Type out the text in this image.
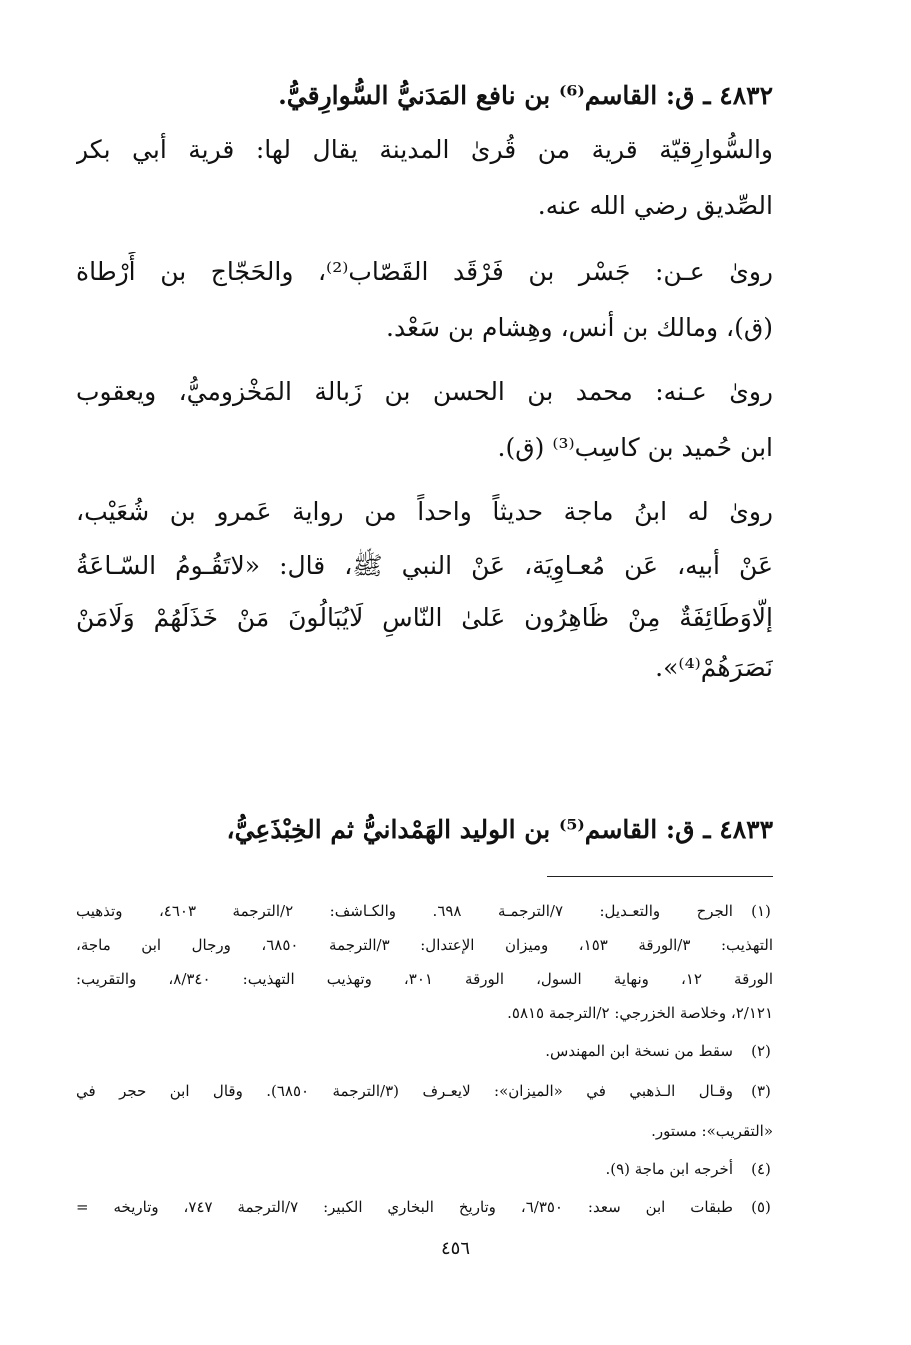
٤٨٣٢ ـ ق: القاسم⁽⁶⁾ بن نافع المَدَنيُّ السُّوارِقيُّ.
والسُّوارِقيّة قرية من قُرىٰ المدينة يقال لها: قرية أبي بكر
الصِّديق رضي الله عنه.
روىٰ عـن: جَسْر بن فَرْقَد القَصّاب⁽²⁾، والحَجّاج بن أَرْطاة
(ق)، ومالك بن أنس، وهِشام بن سَعْد.
روىٰ عـنه: محمد بن الحسن بن زَبالة المَخْزوميُّ، ويعقوب
ابن حُميد بن كاسِب⁽³⁾ (ق).
روىٰ له ابنُ ماجة حديثاً واحداً من رواية عَمرو بن شُعَيْب،
عَنْ أبيه، عَن مُعـاوِيَة، عَنْ النبي ﷺ، قال: «لاتَقُـومُ السّـاعَةُ
إلَّاوَطَائِفَةٌ مِنْ ظَاهِرُون عَلىٰ النّاسِ لَايُبَالُونَ مَنْ خَذَلَهُمْ وَلَامَنْ
نَصَرَهُمْ⁽⁴⁾».
٤٨٣٣ ـ ق: القاسم⁽⁵⁾ بن الوليد الهَمْدانيُّ ثم الخِبْذَعِيُّ،
(١)
الجرح والتعـديل: ٧/الترجمـة ٦٩٨. والكـاشف: ٢/الترجمة ٤٦٠٣، وتذهيب
التهذيب: ٣/الورقة ١٥٣، وميزان الإعتدال: ٣/الترجمة ٦٨٥٠، ورجال ابن ماجة،
الورقة ١٢، ونهاية السول، الورقة ٣٠١، وتهذيب التهذيب: ٨/٣٤٠، والتقريب:
٢/١٢١، وخلاصة الخزرجي: ٢/الترجمة ٥٨١٥.
(٢)
سقط من نسخة ابن المهندس.
(٣)
وقـال الـذهبي في «الميزان»: لايعـرف (٣/الترجمة ٦٨٥٠). وقال ابن حجر في
«التقريب»: مستور.
(٤)
أخرجه ابن ماجة (٩).
(٥)
طبقات ابن سعد: ٦/٣٥٠، وتاريخ البخاري الكبير: ٧/الترجمة ٧٤٧، وتاريخه =
٤٥٦
